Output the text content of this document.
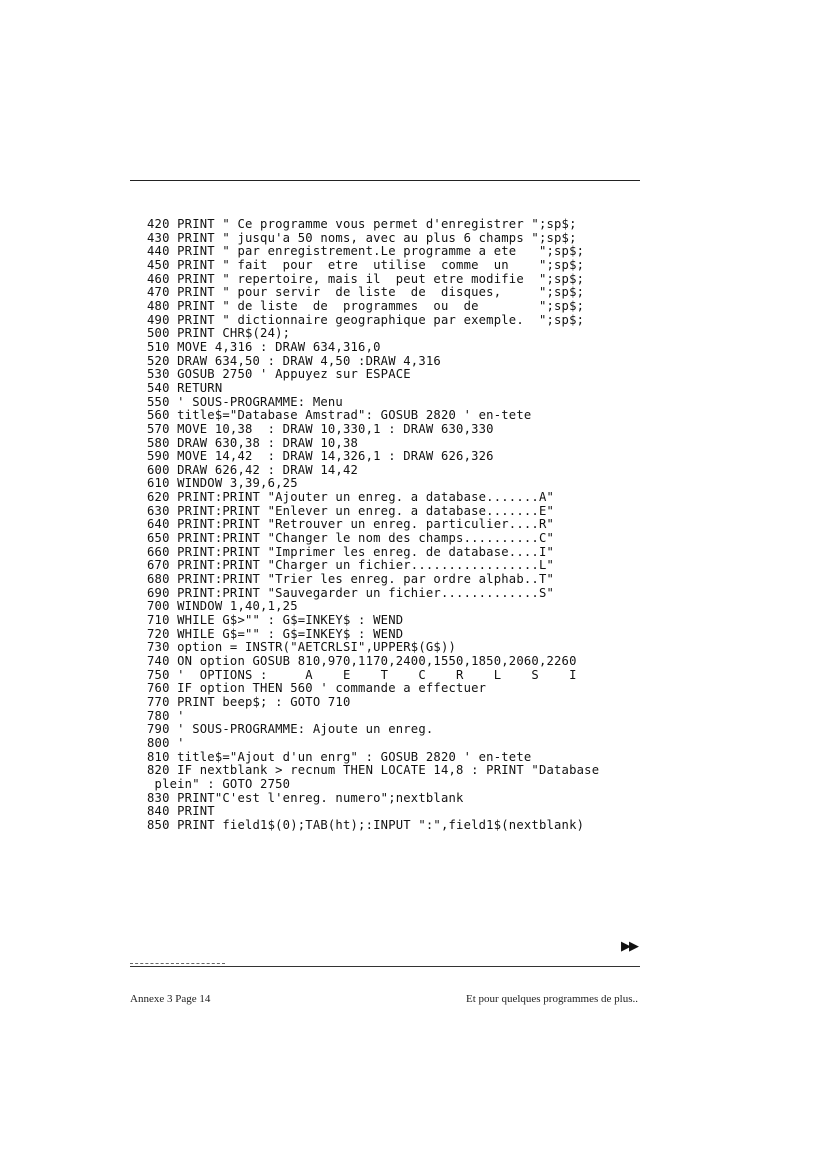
420 PRINT " Ce programme vous permet d'enregistrer ";sp$;
430 PRINT " jusqu'a 50 noms, avec au plus 6 champs ";sp$;
440 PRINT " par enregistrement.Le programme a ete   ";sp$;
450 PRINT " fait  pour  etre  utilise  comme  un    ";sp$;
460 PRINT " repertoire, mais il  peut etre modifie  ";sp$;
470 PRINT " pour servir  de liste  de  disques,     ";sp$;
480 PRINT " de liste  de  programmes  ou  de        ";sp$;
490 PRINT " dictionnaire geographique par exemple.  ";sp$;
500 PRINT CHR$(24);
510 MOVE 4,316 : DRAW 634,316,0
520 DRAW 634,50 : DRAW 4,50 :DRAW 4,316
530 GOSUB 2750 ' Appuyez sur ESPACE
540 RETURN
550 ' SOUS-PROGRAMME: Menu
560 title$="Database Amstrad": GOSUB 2820 ' en-tete
570 MOVE 10,38  : DRAW 10,330,1 : DRAW 630,330
580 DRAW 630,38 : DRAW 10,38
590 MOVE 14,42  : DRAW 14,326,1 : DRAW 626,326
600 DRAW 626,42 : DRAW 14,42
610 WINDOW 3,39,6,25
620 PRINT:PRINT "Ajouter un enreg. a database.......A"
630 PRINT:PRINT "Enlever un enreg. a database.......E"
640 PRINT:PRINT "Retrouver un enreg. particulier....R"
650 PRINT:PRINT "Changer le nom des champs..........C"
660 PRINT:PRINT "Imprimer les enreg. de database....I"
670 PRINT:PRINT "Charger un fichier.................L"
680 PRINT:PRINT "Trier les enreg. par ordre alphab..T"
690 PRINT:PRINT "Sauvegarder un fichier.............S"
700 WINDOW 1,40,1,25
710 WHILE G$>"" : G$=INKEY$ : WEND
720 WHILE G$="" : G$=INKEY$ : WEND
730 option = INSTR("AETCRLSI",UPPER$(G$))
740 ON option GOSUB 810,970,1170,2400,1550,1850,2060,2260
750 '  OPTIONS :     A    E    T    C    R    L    S    I
760 IF option THEN 560 ' commande a effectuer
770 PRINT beep$; : GOTO 710
780 '
790 ' SOUS-PROGRAMME: Ajoute un enreg.
800 '
810 title$="Ajout d'un enrg" : GOSUB 2820 ' en-tete
820 IF nextblank > recnum THEN LOCATE 14,8 : PRINT "Database
plein" : GOTO 2750
830 PRINT"C'est l'enreg. numero";nextblank
840 PRINT
850 PRINT field1$(0);TAB(ht);:INPUT ":",field1$(nextblank)
▶▶
Annexe 3 Page 14	Et pour quelques programmes de plus..
